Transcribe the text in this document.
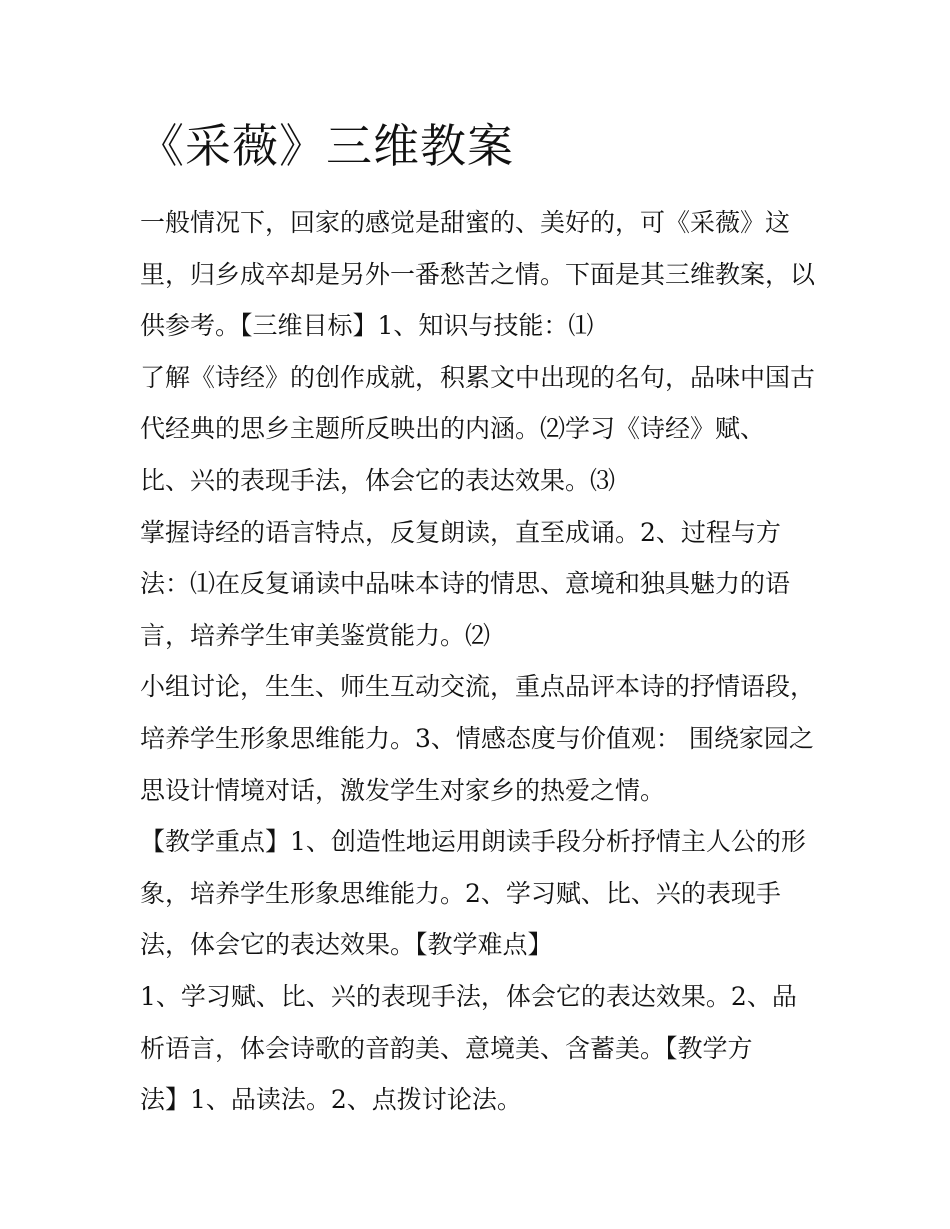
《采薇》三维教案
一般情况下，回家的感觉是甜蜜的、美好的，可《采薇》这
里，归乡成卒却是另外一番愁苦之情。下面是其三维教案，以
供参考。【三维目标】1、知识与技能：⑴
了解《诗经》的创作成就，积累文中出现的名句，品味中国古
代经典的思乡主题所反映出的内涵。⑵学习《诗经》赋、
比、兴的表现手法，体会它的表达效果。⑶
掌握诗经的语言特点，反复朗读，直至成诵。2、过程与方
法：⑴在反复诵读中品味本诗的情思、意境和独具魅力的语
言，培养学生审美鉴赏能力。⑵
小组讨论，生生、师生互动交流，重点品评本诗的抒情语段，
培养学生形象思维能力。3、情感态度与价值观： 围绕家园之
思设计情境对话，激发学生对家乡的热爱之情。
【教学重点】1、创造性地运用朗读手段分析抒情主人公的形
象，培养学生形象思维能力。2、学习赋、比、兴的表现手
法，体会它的表达效果。【教学难点】
1、学习赋、比、兴的表现手法，体会它的表达效果。2、品
析语言，体会诗歌的音韵美、意境美、含蓄美。【教学方
法】1、品读法。2、点拨讨论法。
